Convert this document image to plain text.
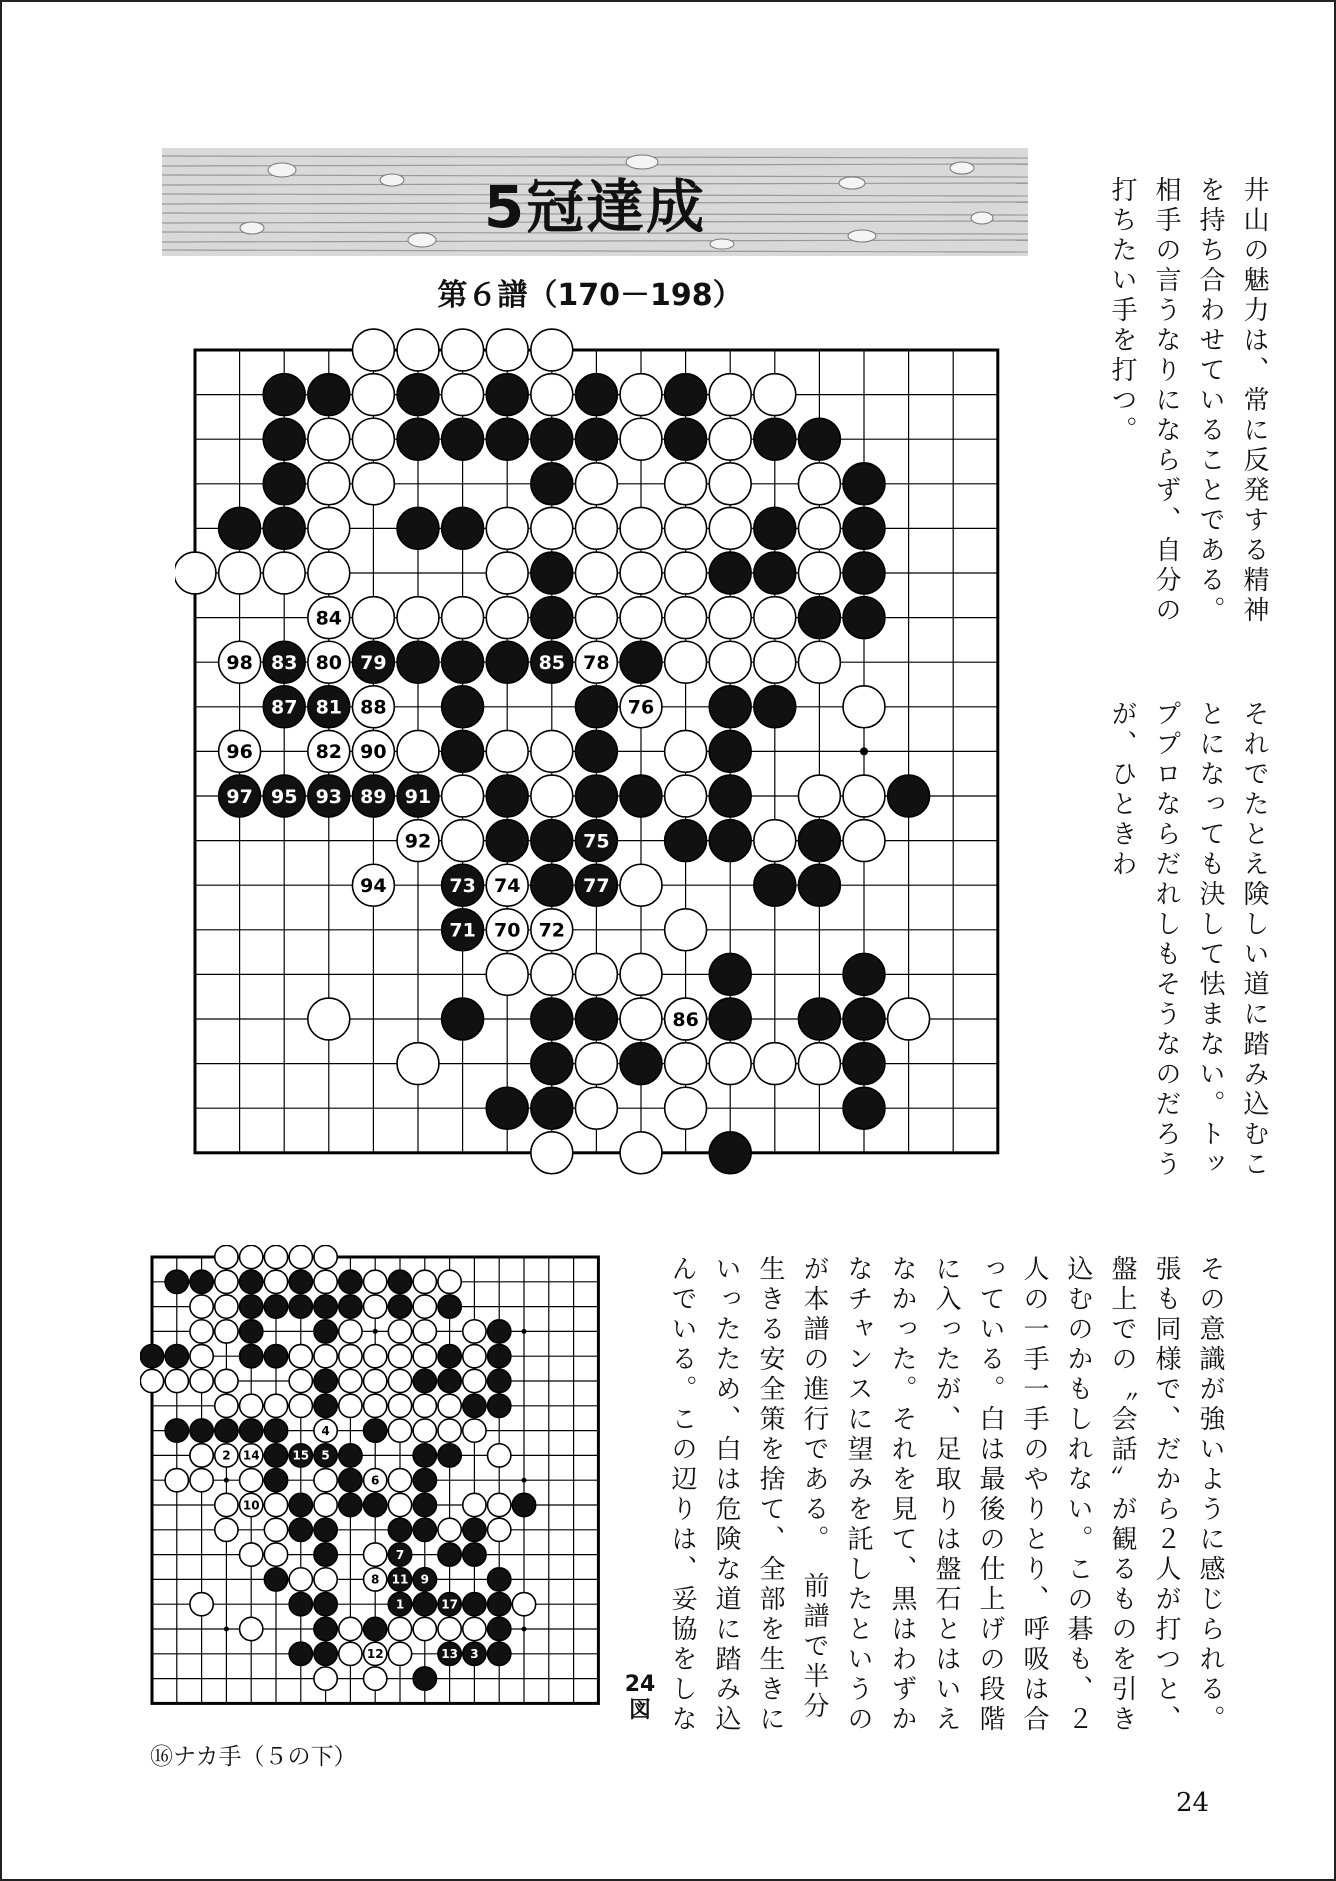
5冠達成
第６譜（170－198）
71 70 72
73 74
75
76
77
78
79
80
81
82
83
84
85
86
87	88
89
90
91
92
93
94
95
96
97
98
1
2
3
4
5
6
7
8	9
10
11
12	13
14	15
17
24図
⑯ナカ手（５の下）
井山の魅力は、常に反発する精神を持ち合わせていることである。相手の言うなりにならず、自分の打ちたい手を打つ。
それでたとえ険しい道に踏み込むことになっても決して怯まない。トッププロならだれしもそうなのだろうが、ひときわ
その意識が強いように感じられる。張も同様で、だから２人が打つと、盤上での〝会話〟が観るものを引き込むのかもしれない。この碁も、２人の一手一手のやりとり、呼吸は合っている。白は最後の仕上げの段階に入ったが、足取りは盤石とはいえなかった。それを見て、黒はわずかなチャンスに望みを託したというのが本譜の進行である。　前譜で半分生きる安全策を捨て、全部を生きにいったため、白は危険な道に踏み込んでいる。この辺りは、妥協をしな
24
